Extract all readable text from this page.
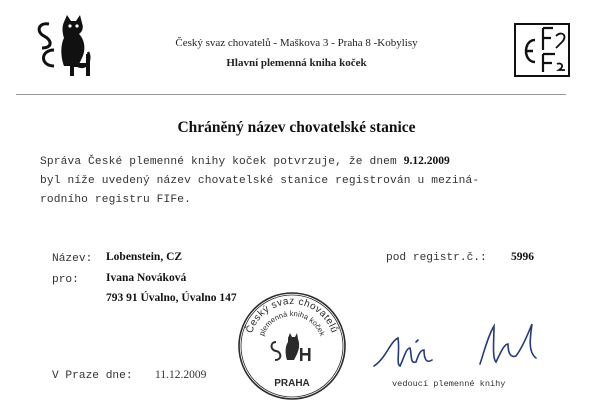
Český svaz chovatelů - Maškova 3 - Praha 8 -Kobylisy
Hlavní plemenná kniha koček
Chráněný název chovatelské stanice
Správa České plemenné knihy koček potvrzuje, že dnem 9.12.2009
byl níže uvedený název chovatelské stanice registrován u meziná-
rodního registru FIFe.
Název: Lobenstein, CZ	pod registr.č.: 5996
pro: Ivana Nováková
793 91 Úvalno, Úvalno 147
V Praze dne: 11.12.2009
Český svaz chovatelů
plemenná kniha koček
PRAHA	vedoucí plemenné knihy
